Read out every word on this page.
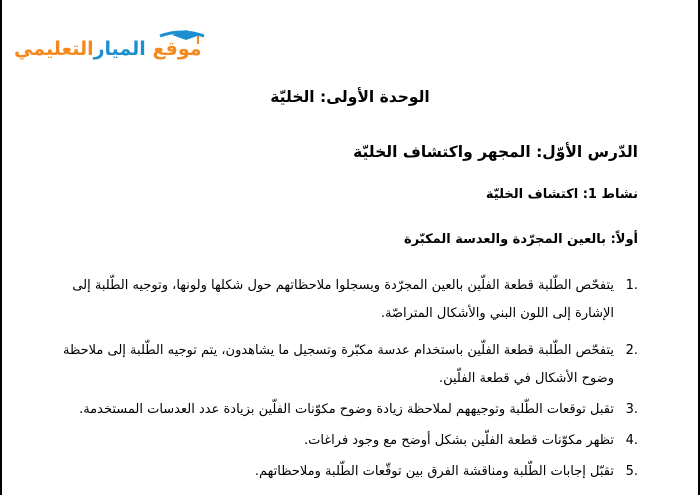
موقع الميارالتعليمي
الوحدة الأولى: الخليّة
الدّرس الأوّل: المجهر واكتشاف الخليّة
نشاط 1: اكتشاف الخليّة
أولاً: بالعين المجرّدة والعدسة المكبّرة
1.
يتفحّص الطّلبة قطعة الفلّين بالعين المجرّدة ويسجلوا ملاحظاتهم حول شكلها ولونها، وتوجيه الطّلبة إلى
الإشارة إلى اللون البني والأشكال المتراصّة.
2.
يتفحّص الطّلبة قطعة الفلّين باستخدام عدسة مكبّرة وتسجيل ما يشاهدون، يتم توجيه الطّلبة إلى ملاحظة
وضوح الأشكال في قطعة الفلّين.
3.
تقبل توقعات الطّلبة وتوجيههم لملاحظة زيادة وضوح مكوّنات الفلّين بزيادة عدد العدسات المستخدمة.
4.
تظهر مكوّنات قطعة الفلّين بشكل أوضح مع وجود فراغات.
5.
تقبّل إجابات الطّلبة ومناقشة الفرق بين توقّعات الطّلبة وملاحظاتهم.
